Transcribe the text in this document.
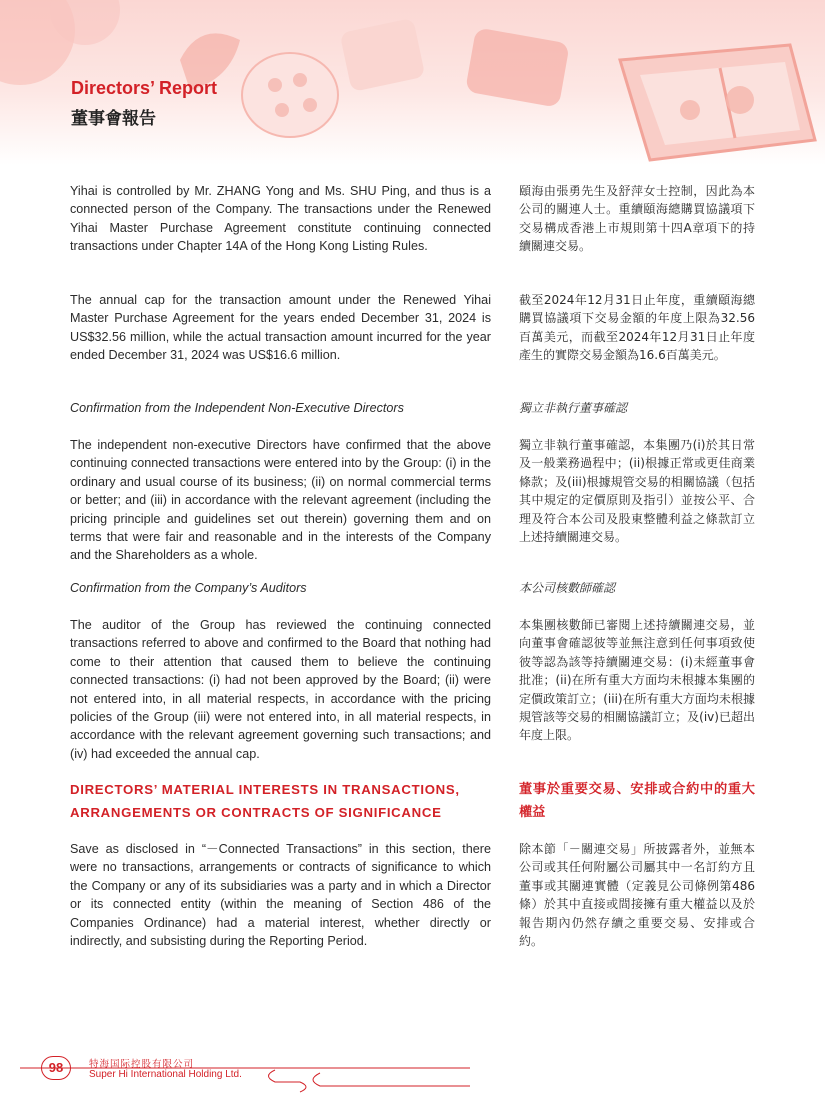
Directors’ Report
董事會報告

Yihai is controlled by Mr. ZHANG Yong and Ms. SHU Ping, and thus is a connected person of the Company. The transactions under the Renewed Yihai Master Purchase Agreement constitute continuing connected transactions under Chapter 14A of the Hong Kong Listing Rules.

The annual cap for the transaction amount under the Renewed Yihai Master Purchase Agreement for the years ended December 31, 2024 is US$32.56 million, while the actual transaction amount incurred for the year ended December 31, 2024 was US$16.6 million.

Confirmation from the Independent Non-Executive Directors

The independent non-executive Directors have confirmed that the above continuing connected transactions were entered into by the Group: (i) in the ordinary and usual course of its business; (ii) on normal commercial terms or better; and (iii) in accordance with the relevant agreement (including the pricing principle and guidelines set out therein) governing them and on terms that were fair and reasonable and in the interests of the Company and the Shareholders as a whole.

Confirmation from the Company’s Auditors

The auditor of the Group has reviewed the continuing connected transactions referred to above and confirmed to the Board that nothing had come to their attention that caused them to believe the continuing connected transactions: (i) had not been approved by the Board; (ii) were not entered into, in all material respects, in accordance with the pricing policies of the Group (iii) were not entered into, in all material respects, in accordance with the relevant agreement governing such transactions; and (iv) had exceeded the annual cap.

DIRECTORS’ MATERIAL INTERESTS IN TRANSACTIONS, ARRANGEMENTS OR CONTRACTS OF SIGNIFICANCE

Save as disclosed in “－Connected Transactions” in this section, there were no transactions, arrangements or contracts of significance to which the Company or any of its subsidiaries was a party and in which a Director or its connected entity (within the meaning of Section 486 of the Companies Ordinance) had a material interest, whether directly or indirectly, and subsisting during the Reporting Period.

頤海由張勇先生及舒萍女士控制，因此為本公司的關連人士。重續頤海總購買協議項下交易構成香港上市規則第十四A章項下的持續關連交易。

截至2024年12月31日止年度，重續頤海總購買協議項下交易金額的年度上限為32.56百萬美元，而截至2024年12月31日止年度產生的實際交易金額為16.6百萬美元。

獨立非執行董事確認

獨立非執行董事確認，本集團乃(i)於其日常及一般業務過程中；(ii)根據正常或更佳商業條款；及(iii)根據規管交易的相關協議（包括其中規定的定價原則及指引）並按公平、合理及符合本公司及股東整體利益之條款訂立上述持續關連交易。

本公司核數師確認

本集團核數師已審閱上述持續關連交易，並向董事會確認彼等並無注意到任何事項致使彼等認為該等持續關連交易：(i)未經董事會批准；(ii)在所有重大方面均未根據本集團的定價政策訂立；(iii)在所有重大方面均未根據規管該等交易的相關協議訂立；及(iv)已超出年度上限。

董事於重要交易、安排或合約中的重大權益

除本節「－關連交易」所披露者外，並無本公司或其任何附屬公司屬其中一名訂約方且董事或其關連實體（定義見公司條例第486條）於其中直接或間接擁有重大權益以及於報告期內仍然存續之重要交易、安排或合約。

98	特海国际控股有限公司
Super Hi International Holding Ltd.
